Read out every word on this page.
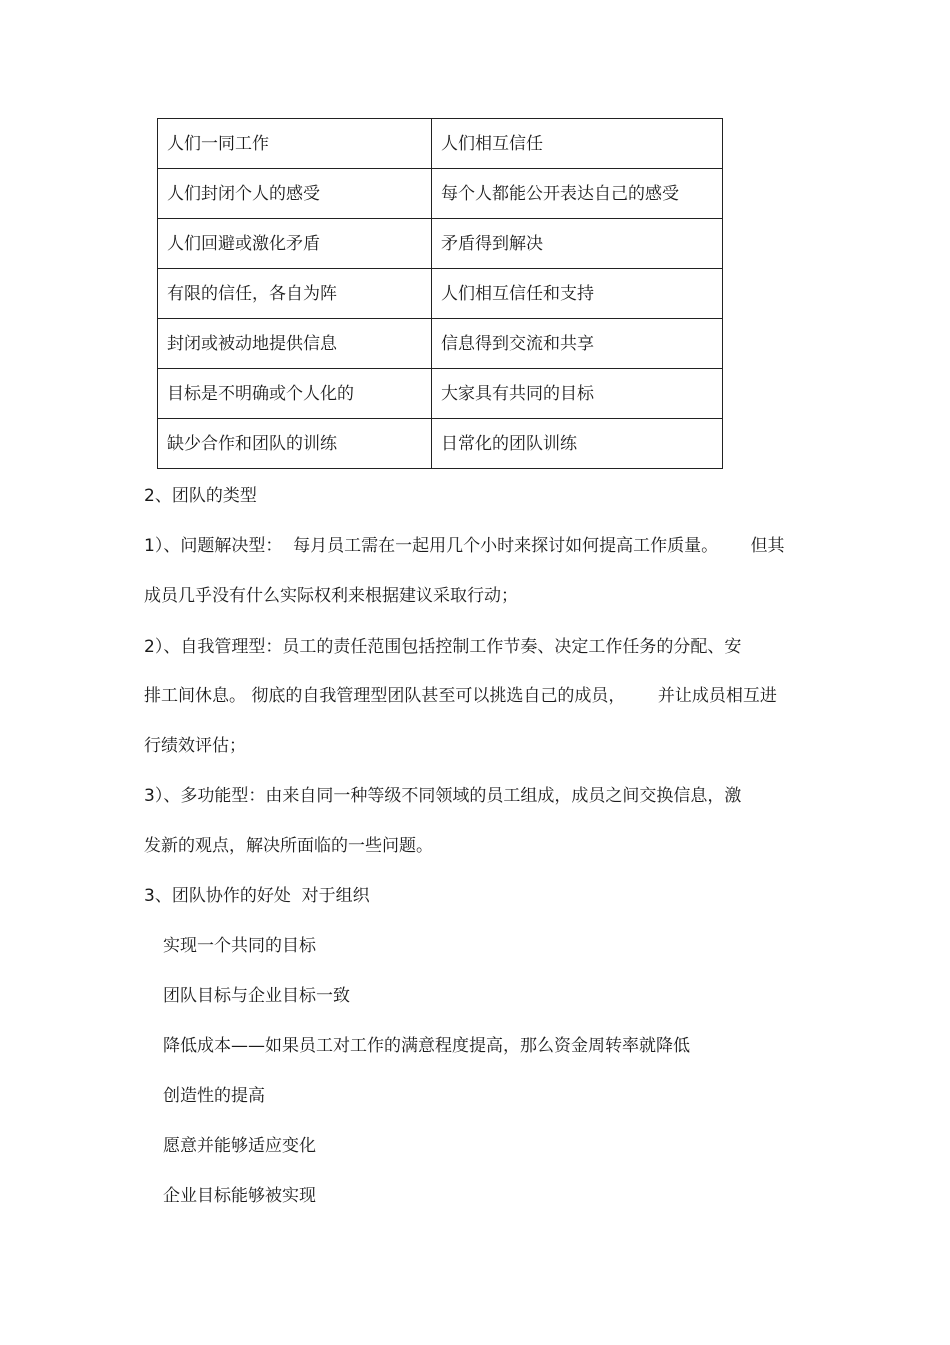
人们一同工作	人们相互信任
人们封闭个人的感受	每个人都能公开表达自己的感受
人们回避或激化矛盾	矛盾得到解决
有限的信任，各自为阵	人们相互信任和支持
封闭或被动地提供信息	信息得到交流和共享
目标是不明确或个人化的	大家具有共同的目标
缺少合作和团队的训练	日常化的团队训练
2、团队的类型
1）、问题解决型：  每月员工需在一起用几个小时来探讨如何提高工作质量。      但其
成员几乎没有什么实际权利来根据建议采取行动；
2）、自我管理型：员工的责任范围包括控制工作节奏、决定工作任务的分配、安
排工间休息。 彻底的自我管理型团队甚至可以挑选自己的成员，      并让成员相互进
行绩效评估；
3）、多功能型：由来自同一种等级不同领域的员工组成，成员之间交换信息，激
发新的观点，解决所面临的一些问题。
3、团队协作的好处  对于组织
实现一个共同的目标
团队目标与企业目标一致
降低成本——如果员工对工作的满意程度提高，那么资金周转率就降低
创造性的提高
愿意并能够适应变化
企业目标能够被实现
